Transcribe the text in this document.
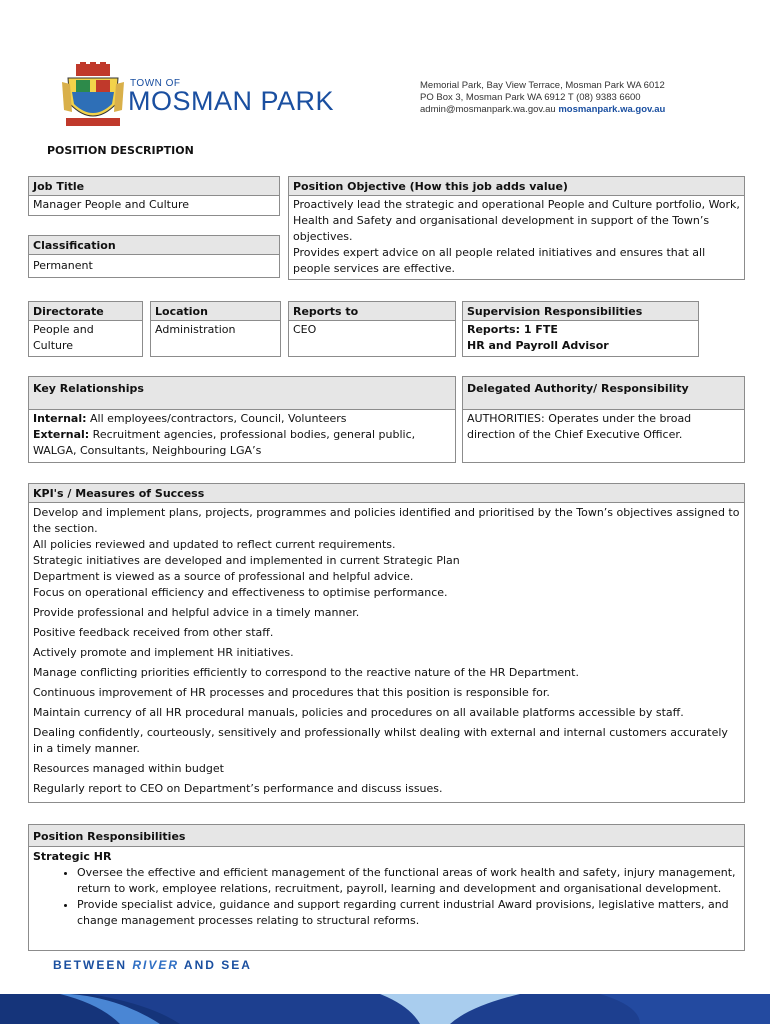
TOWN OF
MOSMAN PARK
Memorial Park, Bay View Terrace, Mosman Park WA 6012
PO Box 3, Mosman Park WA 6912 T (08) 9383 6600
admin@mosmanpark.wa.gov.au mosmanpark.wa.gov.au
POSITION DESCRIPTION
Job Title
Manager People and Culture
Classification
Permanent
Position Objective (How this job adds value)
Proactively lead the strategic and operational People and Culture portfolio, Work, Health and Safety and organisational development in support of the Town’s objectives.
Provides expert advice on all people related initiatives and ensures that all people services are effective.
Directorate
People and Culture
Location
Administration
Reports to
CEO
Supervision Responsibilities
Reports: 1 FTE
HR and Payroll Advisor
Key Relationships
Internal: All employees/contractors, Council, Volunteers
External: Recruitment agencies, professional bodies, general public, WALGA, Consultants, Neighbouring LGA’s
Delegated Authority/ Responsibility
AUTHORITIES: Operates under the broad direction of the Chief Executive Officer.
KPI's / Measures of Success

Develop and implement plans, projects, programmes and policies identified and prioritised by the Town’s objectives assigned to the section.

All policies reviewed and updated to reflect current requirements.

Strategic initiatives are developed and implemented in current Strategic Plan

Department is viewed as a source of professional and helpful advice.

Focus on operational efficiency and effectiveness to optimise performance.

Provide professional and helpful advice in a timely manner.

Positive feedback received from other staff.

Actively promote and implement HR initiatives.

Manage conflicting priorities efficiently to correspond to the reactive nature of the HR Department.

Continuous improvement of HR processes and procedures that this position is responsible for.

Maintain currency of all HR procedural manuals, policies and procedures on all available platforms accessible by staff.

Dealing confidently, courteously, sensitively and professionally whilst dealing with external and internal customers accurately in a timely manner.

Resources managed within budget

Regularly report to CEO on Department’s performance and discuss issues.

Position Responsibilities
Strategic HR
• Oversee the effective and efficient management of the functional areas of work health and safety, injury management, return to work, employee relations, recruitment, payroll, learning and development and organisational development.
• Provide specialist advice, guidance and support regarding current industrial Award provisions, legislative matters, and change management processes relating to structural reforms.
BETWEEN RIVER AND SEA
